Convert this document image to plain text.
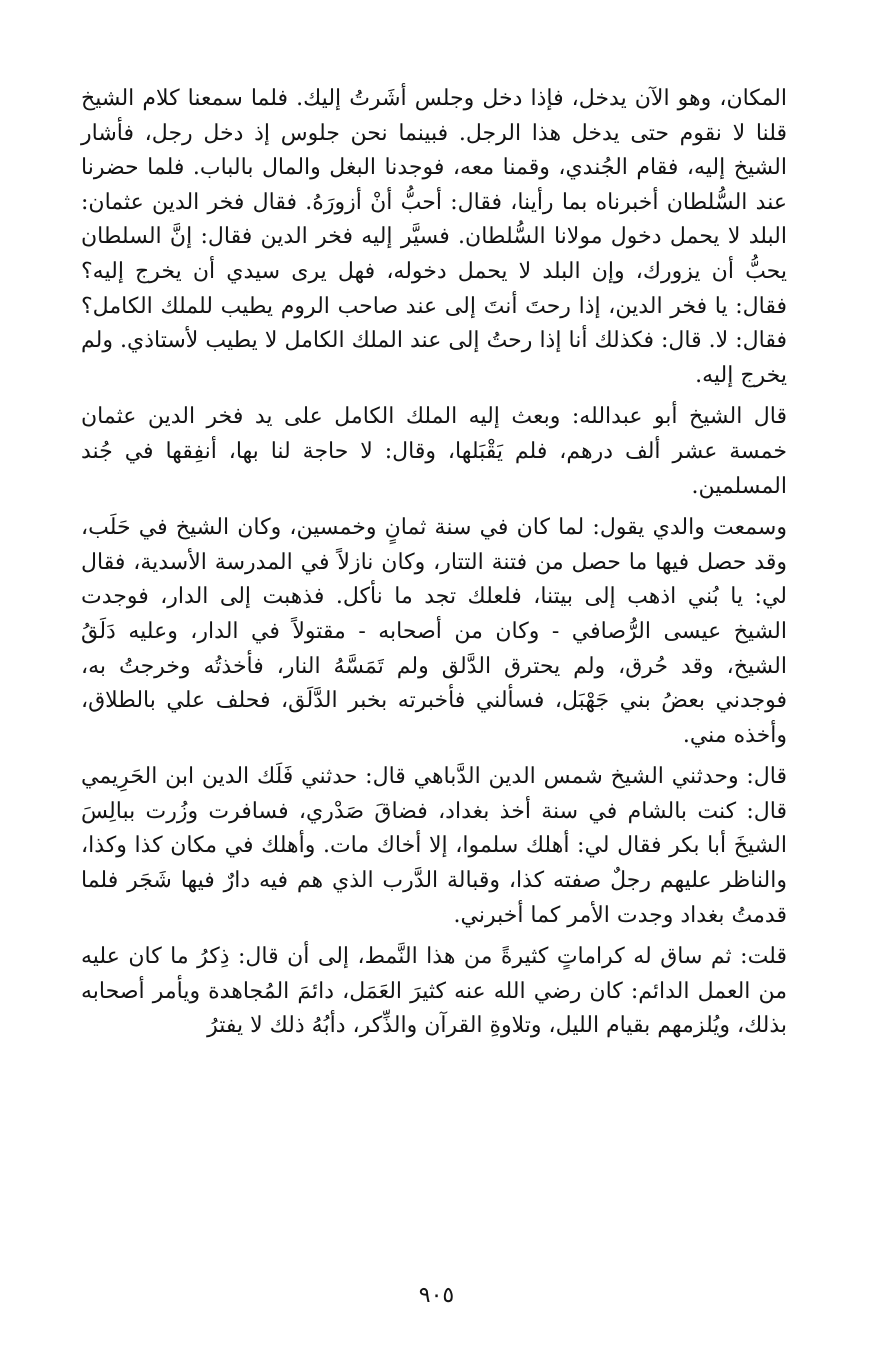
المكان، وهو الآن يدخل، فإذا دخل وجلس أشَرتُ إليك. فلما سمعنا كلام الشيخ قلنا لا نقوم حتى يدخل هذا الرجل. فبينما نحن جلوس إذ دخل رجل، فأشار الشيخ إليه، فقام الجُندي، وقمنا معه، فوجدنا البغل والمال بالباب. فلما حضرنا عند السُّلطان أخبرناه بما رأينا، فقال: أحبُّ أنْ أزورَهُ. فقال فخر الدين عثمان: البلد لا يحمل دخول مولانا السُّلطان. فسيَّر إليه فخر الدين فقال: إنَّ السلطان يحبُّ أن يزورك، وإن البلد لا يحمل دخوله، فهل يرى سيدي أن يخرج إليه؟ فقال: يا فخر الدين، إذا رحتَ أنتَ إلى عند صاحب الروم يطيب للملك الكامل؟ فقال: لا. قال: فكذلك أنا إذا رحتُ إلى عند الملك الكامل لا يطيب لأستاذي. ولم يخرج إليه.

قال الشيخ أبو عبدالله: وبعث إليه الملك الكامل على يد فخر الدين عثمان خمسة عشر ألف درهم، فلم يَقْبَلها، وقال: لا حاجة لنا بها، أنفِقها في جُند المسلمين.

وسمعت والدي يقول: لما كان في سنة ثمانٍ وخمسين، وكان الشيخ في حَلَب، وقد حصل فيها ما حصل من فتنة التتار، وكان نازلاً في المدرسة الأسدية، فقال لي: يا بُني اذهب إلى بيتنا، فلعلك تجد ما نأكل. فذهبت إلى الدار، فوجدت الشيخ عيسى الرُّصافي - وكان من أصحابه - مقتولاً في الدار، وعليه دَلَقُ الشيخ، وقد حُرق، ولم يحترق الدَّلق ولم تَمَسَّهُ النار، فأخذتُه وخرجتُ به، فوجدني بعضُ بني جَهْبَل، فسألني فأخبرته بخبر الدَّلَق، فحلف علي بالطلاق، وأخذه مني.

قال: وحدثني الشيخ شمس الدين الدَّباهي قال: حدثني فَلَك الدين ابن الحَرِيمي قال: كنت بالشام في سنة أخذ بغداد، فضاقَ صَدْري، فسافرت وزُرت ببالِسَ الشيخَ أبا بكر فقال لي: أهلك سلموا، إلا أخاك مات. وأهلك في مكان كذا وكذا، والناظر عليهم رجلٌ صفته كذا، وقبالة الدَّرب الذي هم فيه دارٌ فيها شَجَر فلما قدمتُ بغداد وجدت الأمر كما أخبرني.

قلت: ثم ساق له كراماتٍ كثيرةً من هذا النَّمط، إلى أن قال: ذِكرُ ما كان عليه من العمل الدائم: كان رضي الله عنه كثيرَ العَمَل، دائمَ المُجاهدة ويأمر أصحابه بذلك، ويُلزمهم بقيام الليل، وتلاوةِ القرآن والذِّكر، دأبُهُ ذلك لا يفترُ

٩٠٥
